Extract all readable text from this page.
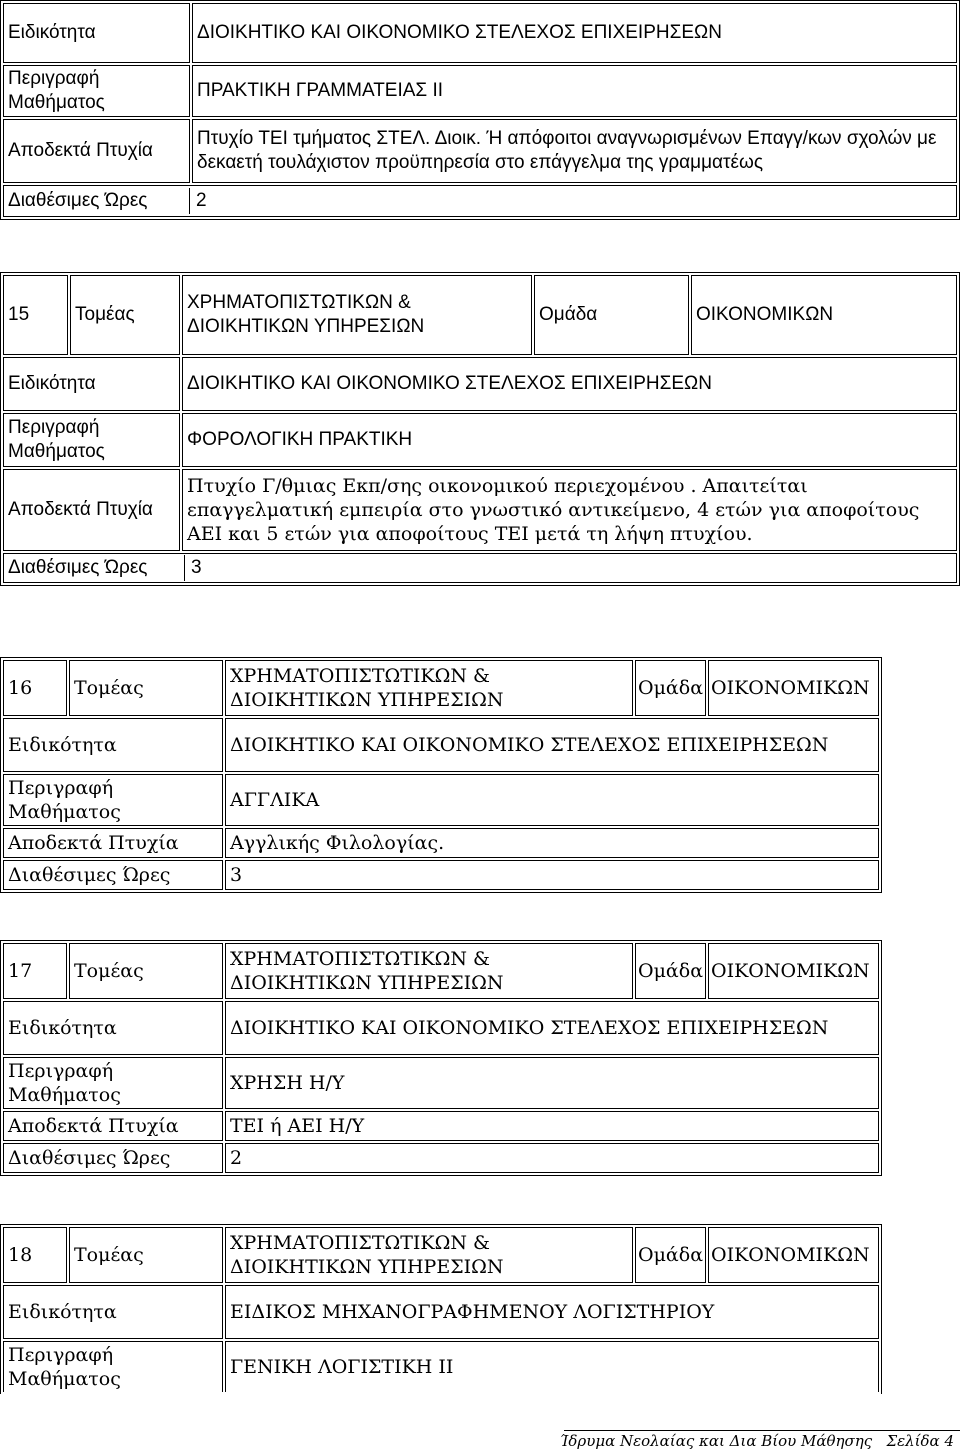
Ειδικότητα	ΔΙΟΙΚΗΤΙΚΟ ΚΑΙ ΟΙΚΟΝΟΜΙΚΟ ΣΤΕΛΕΧΟΣ ΕΠΙΧΕΙΡΗΣΕΩΝ
Περιγραφή Μαθήματος	ΠΡΑΚΤΙΚΗ ΓΡΑΜΜΑΤΕΙΑΣ ΙΙ
Αποδεκτά Πτυχία	Πτυχίο ΤΕΙ τμήματος ΣΤΕΛ. Διοικ. Ή απόφοιτοι αναγνωρισμένων Επαγγ/κων σχολών με δεκαετή τουλάχιστον προϋπηρεσία στο επάγγελμα της γραμματέως

Διαθέσιμες Ώρες	2
15	Τομέας	ΧΡΗΜΑΤΟΠΙΣΤΩΤΙΚΩΝ & ΔΙΟΙΚΗΤΙΚΩΝ ΥΠΗΡΕΣΙΩΝ	Ομάδα	ΟΙΚΟΝΟΜΙΚΩΝ
Ειδικότητα	ΔΙΟΙΚΗΤΙΚΟ ΚΑΙ ΟΙΚΟΝΟΜΙΚΟ ΣΤΕΛΕΧΟΣ ΕΠΙΧΕΙΡΗΣΕΩΝ
Περιγραφή Μαθήματος	ΦΟΡΟΛΟΓΙΚΗ ΠΡΑΚΤΙΚΗ
Αποδεκτά Πτυχία	Πτυχίο Γ/θμιας Εκπ/σης οικονομικού περιεχομένου . Απαιτείται επαγγελματική εμπειρία στο γνωστικό αντικείμενο, 4 ετών για αποφοίτους ΑΕΙ και 5 ετών για αποφοίτους ΤΕΙ μετά τη λήψη πτυχίου.

Διαθέσιμες Ώρες	3
16	Τομέας	ΧΡΗΜΑΤΟΠΙΣΤΩΤΙΚΩΝ & ΔΙΟΙΚΗΤΙΚΩΝ ΥΠΗΡΕΣΙΩΝ	Ομάδα	ΟΙΚΟΝΟΜΙΚΩΝ
Ειδικότητα		ΔΙΟΙΚΗΤΙΚΟ ΚΑΙ ΟΙΚΟΝΟΜΙΚΟ ΣΤΕΛΕΧΟΣ ΕΠΙΧΕΙΡΗΣΕΩΝ		
Περιγραφή Μαθήματος		ΑΓΓΛΙΚΑ		
Αποδεκτά Πτυχία		Αγγλικής Φιλολογίας.		
Διαθέσιμες Ώρες		3		
17	Τομέας	ΧΡΗΜΑΤΟΠΙΣΤΩΤΙΚΩΝ & ΔΙΟΙΚΗΤΙΚΩΝ ΥΠΗΡΕΣΙΩΝ	Ομάδα	ΟΙΚΟΝΟΜΙΚΩΝ
Ειδικότητα		ΔΙΟΙΚΗΤΙΚΟ ΚΑΙ ΟΙΚΟΝΟΜΙΚΟ ΣΤΕΛΕΧΟΣ ΕΠΙΧΕΙΡΗΣΕΩΝ		
Περιγραφή Μαθήματος		ΧΡΗΣΗ Η/Υ		
Αποδεκτά Πτυχία		ΤΕΙ ή ΑΕΙ Η/Υ		
Διαθέσιμες Ώρες		2		
18	Τομέας	ΧΡΗΜΑΤΟΠΙΣΤΩΤΙΚΩΝ & ΔΙΟΙΚΗΤΙΚΩΝ ΥΠΗΡΕΣΙΩΝ	Ομάδα	ΟΙΚΟΝΟΜΙΚΩΝ
Ειδικότητα		ΕΙΔΙΚΟΣ ΜΗΧΑΝΟΓΡΑΦΗΜΕΝΟΥ ΛΟΓΙΣΤΗΡΙΟΥ		
Περιγραφή Μαθήματος		ΓΕΝΙΚΗ ΛΟΓΙΣΤΙΚΗ ΙΙ		
Ίδρυμα Νεολαίας και Δια Βίου Μάθησης Σελίδα 4
